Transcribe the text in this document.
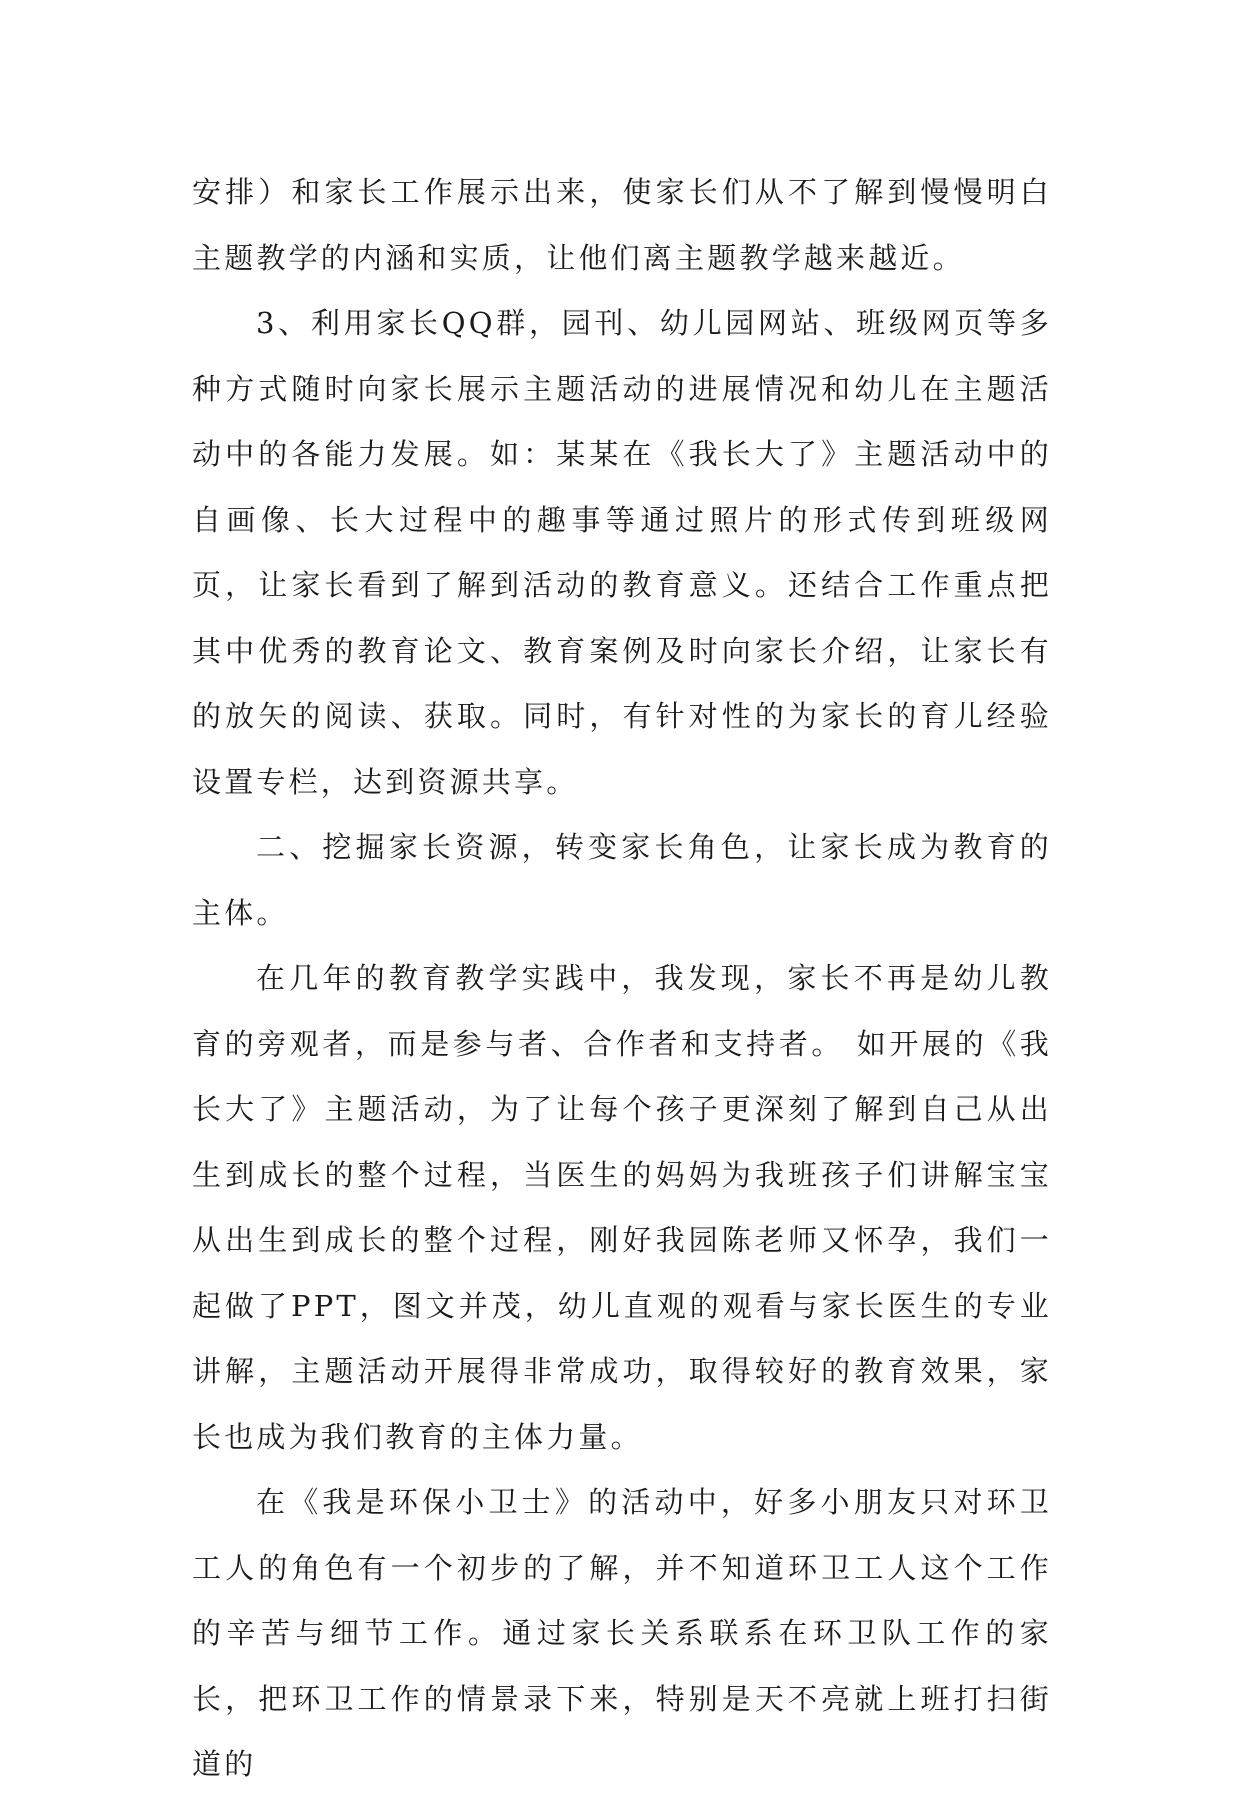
安排）和家长工作展示出来，使家长们从不了解到慢慢明白主题教学的内涵和实质，让他们离主题教学越来越近。

3、利用家长QQ群，园刊、幼儿园网站、班级网页等多种方式随时向家长展示主题活动的进展情况和幼儿在主题活动中的各能力发展。如：某某在《我长大了》主题活动中的自画像、长大过程中的趣事等通过照片的形式传到班级网页，让家长看到了解到活动的教育意义。还结合工作重点把其中优秀的教育论文、教育案例及时向家长介绍，让家长有的放矢的阅读、获取。同时，有针对性的为家长的育儿经验设置专栏，达到资源共享。

二、挖掘家长资源，转变家长角色，让家长成为教育的主体。

在几年的教育教学实践中，我发现，家长不再是幼儿教育的旁观者，而是参与者、合作者和支持者。 如开展的《我长大了》主题活动，为了让每个孩子更深刻了解到自己从出生到成长的整个过程，当医生的妈妈为我班孩子们讲解宝宝从出生到成长的整个过程，刚好我园陈老师又怀孕，我们一起做了PPT，图文并茂，幼儿直观的观看与家长医生的专业讲解，主题活动开展得非常成功，取得较好的教育效果，家长也成为我们教育的主体力量。

在《我是环保小卫士》的活动中，好多小朋友只对环卫工人的角色有一个初步的了解，并不知道环卫工人这个工作的辛苦与细节工作。通过家长关系联系在环卫队工作的家长，把环卫工作的情景录下来，特别是天不亮就上班打扫街道的
